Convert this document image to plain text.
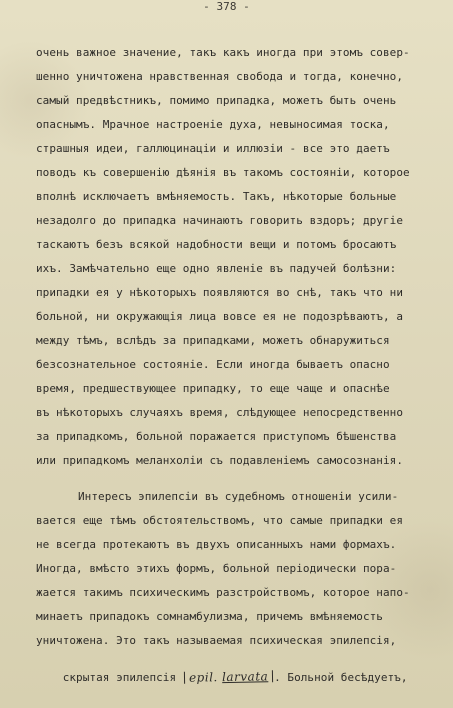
- 378 -
очень важное значение, такъ какъ иногда при этомъ совер-
шенно уничтожена нравственная свобода и тогда, конечно,
самый предвѣстникъ, помимо припадка, можетъ быть очень
опаснымъ. Мрачное настроеніе духа, невыносимая тоска,
страшныя идеи, галлюцинаціи и иллюзіи - все это даетъ
поводъ къ совершенію дѣянія въ такомъ состояніи, которое
вполнѣ исключаетъ вмѣняемость. Такъ, нѣкоторые больные
незадолго до припадка начинаютъ говорить вздоръ; другіе
таскаютъ безъ всякой надобности вещи и потомъ бросаютъ
ихъ. Замѣчательно еще одно явленіе въ падучей болѣзни:
припадки ея у нѣкоторыхъ появляются во снѣ, такъ что ни
больной, ни окружающія лица вовсе ея не подозрѣваютъ, а
между тѣмъ, вслѣдъ за припадками, можетъ обнаружиться
безсознательное состояніе. Если иногда бываетъ опасно
время, предшествующее припадку, то еще чаще и опаснѣе
въ нѣкоторыхъ случаяхъ время, слѣдующее непосредственно
за припадкомъ, больной поражается приступомъ бѣшенства
или припадкомъ меланхоліи съ подавленіемъ самосознанія.
Интересъ эпилепсіи въ судебномъ отношеніи усили-
вается еще тѣмъ обстоятельствомъ, что самые припадки ея
не всегда протекаютъ въ двухъ описанныхъ нами формахъ.
Иногда, вмѣсто этихъ формъ, больной періодически пора-
жается такимъ психическимъ разстройствомъ, которое напо-
минаетъ припадокъ сомнамбулизма, причемъ вмѣняемость
уничтожена. Это такъ называемая психическая эпилепсія,

скрытая эпилепсія epil. larvata . Больной бесѣдуетъ,
